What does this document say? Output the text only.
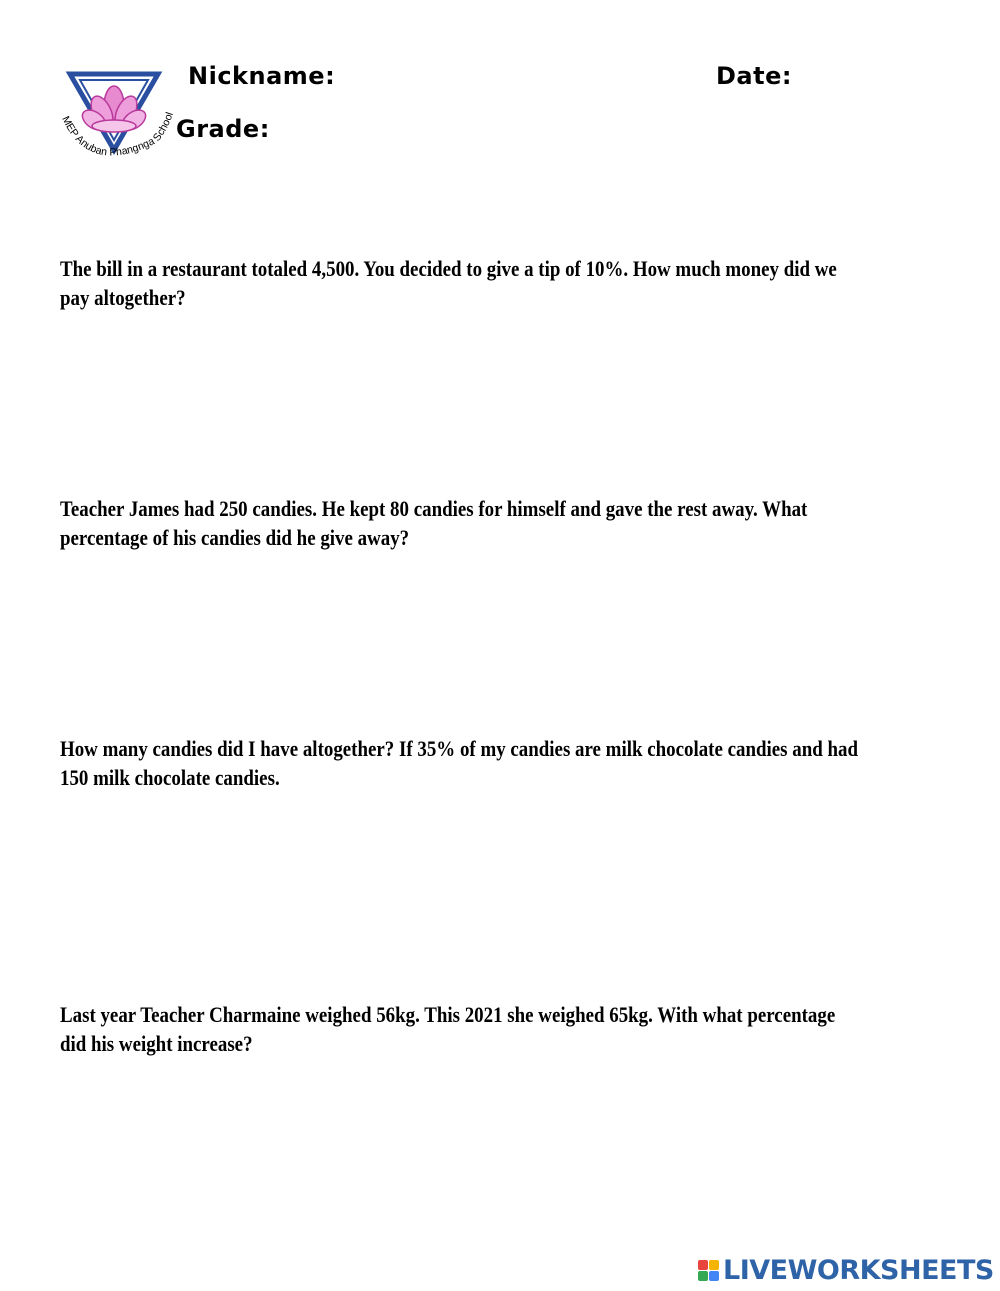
MEP Anuban Phangnga School
Nickname:	Date:
Grade:
The bill in a restaurant totaled 4,500. You decided to give a tip of 10%. How much money did we
pay altogether?
Teacher James had 250 candies. He kept 80 candies for himself and gave the rest away. What
percentage of his candies did he give away?
How many candies did I have altogether? If 35% of my candies are milk chocolate candies and had
150 milk chocolate candies.
Last year Teacher Charmaine weighed 56kg. This 2021 she weighed 65kg. With what percentage
did his weight increase?
LIVEWORKSHEETS
